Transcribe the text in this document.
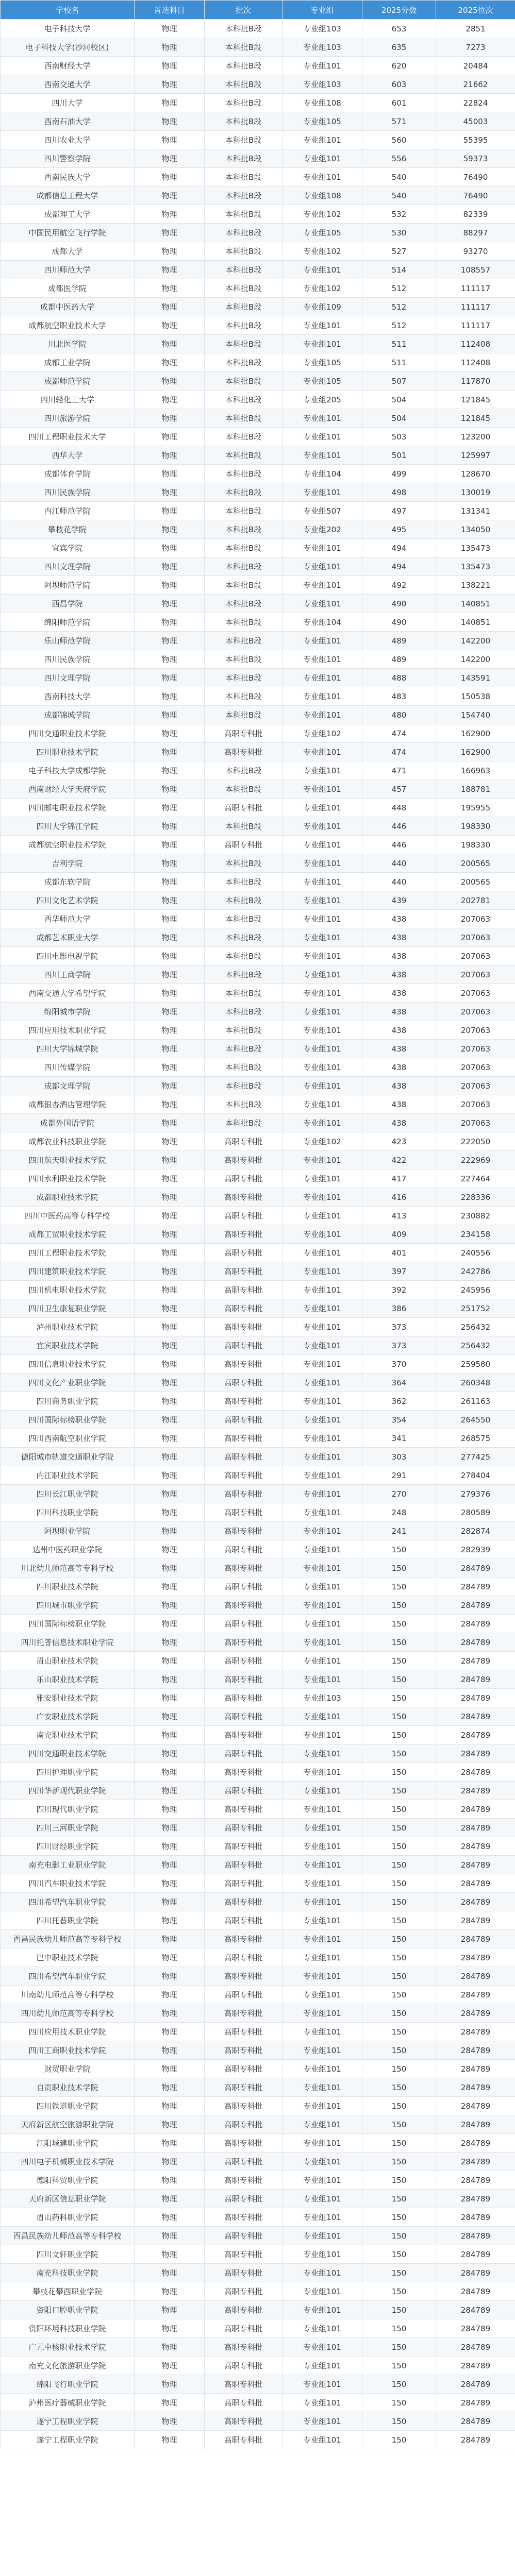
学校名	首选科目	批次	专业组	2025分数	2025位次
电子科技大学	物理	本科批B段	专业组103	653	2851
电子科技大学(沙河校区)	物理	本科批B段	专业组103	635	7273
西南财经大学	物理	本科批B段	专业组101	620	20484
西南交通大学	物理	本科批B段	专业组103	603	21662
四川大学	物理	本科批B段	专业组108	601	22824
西南石油大学	物理	本科批B段	专业组105	571	45003
四川农业大学	物理	本科批B段	专业组101	560	55395
四川警察学院	物理	本科批B段	专业组101	556	59373
西南民族大学	物理	本科批B段	专业组101	540	76490
成都信息工程大学	物理	本科批B段	专业组108	540	76490
成都理工大学	物理	本科批B段	专业组102	532	82339
中国民用航空飞行学院	物理	本科批B段	专业组105	530	88297
成都大学	物理	本科批B段	专业组102	527	93270
四川师范大学	物理	本科批B段	专业组101	514	108557
成都医学院	物理	本科批B段	专业组102	512	111117
成都中医药大学	物理	本科批B段	专业组109	512	111117
成都航空职业技术大学	物理	本科批B段	专业组101	512	111117
川北医学院	物理	本科批B段	专业组101	511	112408
成都工业学院	物理	本科批B段	专业组105	511	112408
成都师范学院	物理	本科批B段	专业组105	507	117870
四川轻化工大学	物理	本科批B段	专业组205	504	121845
四川旅游学院	物理	本科批B段	专业组101	504	121845
四川工程职业技术大学	物理	本科批B段	专业组101	503	123200
西华大学	物理	本科批B段	专业组101	501	125997
成都体育学院	物理	本科批B段	专业组104	499	128670
四川民族学院	物理	本科批B段	专业组101	498	130019
内江师范学院	物理	本科批B段	专业组507	497	131341
攀枝花学院	物理	本科批B段	专业组202	495	134050
宜宾学院	物理	本科批B段	专业组101	494	135473
四川文理学院	物理	本科批B段	专业组101	494	135473
阿坝师范学院	物理	本科批B段	专业组101	492	138221
西昌学院	物理	本科批B段	专业组101	490	140851
绵阳师范学院	物理	本科批B段	专业组104	490	140851
乐山师范学院	物理	本科批B段	专业组101	489	142200
四川民族学院	物理	本科批B段	专业组101	489	142200
四川文理学院	物理	本科批B段	专业组101	488	143591
西南科技大学	物理	本科批B段	专业组101	483	150538
成都锦城学院	物理	本科批B段	专业组101	480	154740
四川交通职业技术学院	物理	高职专科批	专业组102	474	162900
四川职业技术学院	物理	高职专科批	专业组101	474	162900
电子科技大学成都学院	物理	本科批B段	专业组101	471	166963
西南财经大学天府学院	物理	本科批B段	专业组101	457	188781
四川邮电职业技术学院	物理	高职专科批	专业组101	448	195955
四川大学锦江学院	物理	本科批B段	专业组101	446	198330
成都航空职业技术学院	物理	高职专科批	专业组101	446	198330
吉利学院	物理	本科批B段	专业组101	440	200565
成都东软学院	物理	本科批B段	专业组101	440	200565
四川文化艺术学院	物理	本科批B段	专业组101	439	202781
西华师范大学	物理	本科批B段	专业组101	438	207063
成都艺术职业大学	物理	本科批B段	专业组101	438	207063
四川电影电视学院	物理	本科批B段	专业组101	438	207063
四川工商学院	物理	本科批B段	专业组101	438	207063
西南交通大学希望学院	物理	本科批B段	专业组101	438	207063
绵阳城市学院	物理	本科批B段	专业组101	438	207063
四川应用技术职业学院	物理	本科批B段	专业组101	438	207063
四川大学锦城学院	物理	本科批B段	专业组101	438	207063
四川传媒学院	物理	本科批B段	专业组101	438	207063
成都文理学院	物理	本科批B段	专业组101	438	207063
成都银杏酒店管理学院	物理	本科批B段	专业组101	438	207063
成都外国语学院	物理	本科批B段	专业组101	438	207063
成都农业科技职业学院	物理	高职专科批	专业组102	423	222050
四川航天职业技术学院	物理	高职专科批	专业组101	422	222969
四川水利职业技术学院	物理	高职专科批	专业组101	417	227464
成都职业技术学院	物理	高职专科批	专业组101	416	228336
四川中医药高等专科学校	物理	高职专科批	专业组101	413	230882
成都工贸职业技术学院	物理	高职专科批	专业组101	409	234158
四川工程职业技术学院	物理	高职专科批	专业组101	401	240556
四川建筑职业技术学院	物理	高职专科批	专业组101	397	242786
四川机电职业技术学院	物理	高职专科批	专业组101	392	245956
四川卫生康复职业学院	物理	高职专科批	专业组101	386	251752
泸州职业技术学院	物理	高职专科批	专业组101	373	256432
宜宾职业技术学院	物理	高职专科批	专业组101	373	256432
四川信息职业技术学院	物理	高职专科批	专业组101	370	259580
四川文化产业职业学院	物理	高职专科批	专业组101	364	260348
四川商务职业学院	物理	高职专科批	专业组101	362	261163
四川国际标榜职业学院	物理	高职专科批	专业组101	354	264550
四川西南航空职业学院	物理	高职专科批	专业组101	341	268575
德阳城市轨道交通职业学院	物理	高职专科批	专业组101	303	277425
内江职业技术学院	物理	高职专科批	专业组101	291	278404
四川长江职业学院	物理	高职专科批	专业组101	270	279376
四川科技职业学院	物理	高职专科批	专业组101	248	280589
阿坝职业学院	物理	高职专科批	专业组101	241	282874
达州中医药职业学院	物理	高职专科批	专业组101	150	282939
川北幼儿师范高等专科学校	物理	高职专科批	专业组101	150	284789
四川职业技术学院	物理	高职专科批	专业组101	150	284789
四川城市职业学院	物理	高职专科批	专业组101	150	284789
四川国际标榜职业学院	物理	高职专科批	专业组101	150	284789
四川托普信息技术职业学院	物理	高职专科批	专业组101	150	284789
眉山职业技术学院	物理	高职专科批	专业组101	150	284789
乐山职业技术学院	物理	高职专科批	专业组101	150	284789
雅安职业技术学院	物理	高职专科批	专业组103	150	284789
广安职业技术学院	物理	高职专科批	专业组101	150	284789
南充职业技术学院	物理	高职专科批	专业组101	150	284789
四川交通职业技术学院	物理	高职专科批	专业组101	150	284789
四川护理职业学院	物理	高职专科批	专业组101	150	284789
四川华新现代职业学院	物理	高职专科批	专业组101	150	284789
四川现代职业学院	物理	高职专科批	专业组101	150	284789
四川三河职业学院	物理	高职专科批	专业组101	150	284789
四川财经职业学院	物理	高职专科批	专业组101	150	284789
南充电影工业职业学院	物理	高职专科批	专业组101	150	284789
四川汽车职业技术学院	物理	高职专科批	专业组101	150	284789
四川希望汽车职业学院	物理	高职专科批	专业组101	150	284789
四川托普职业学院	物理	高职专科批	专业组101	150	284789
西昌民族幼儿师范高等专科学校	物理	高职专科批	专业组101	150	284789
巴中职业技术学院	物理	高职专科批	专业组101	150	284789
四川希望汽车职业学院	物理	高职专科批	专业组101	150	284789
川南幼儿师范高等专科学校	物理	高职专科批	专业组101	150	284789
四川幼儿师范高等专科学校	物理	高职专科批	专业组101	150	284789
四川应用技术职业学院	物理	高职专科批	专业组101	150	284789
四川工商职业技术学院	物理	高职专科批	专业组101	150	284789
财贸职业学院	物理	高职专科批	专业组101	150	284789
自贡职业技术学院	物理	高职专科批	专业组101	150	284789
四川铁道职业学院	物理	高职专科批	专业组101	150	284789
天府新区航空旅游职业学院	物理	高职专科批	专业组101	150	284789
江阳城建职业学院	物理	高职专科批	专业组101	150	284789
四川电子机械职业技术学院	物理	高职专科批	专业组101	150	284789
德阳科贸职业学院	物理	高职专科批	专业组101	150	284789
天府新区信息职业学院	物理	高职专科批	专业组101	150	284789
眉山药科职业学院	物理	高职专科批	专业组101	150	284789
西昌民族幼儿师范高等专科学校	物理	高职专科批	专业组101	150	284789
四川文轩职业学院	物理	高职专科批	专业组101	150	284789
南充科技职业学院	物理	高职专科批	专业组101	150	284789
攀枝花攀西职业学院	物理	高职专科批	专业组101	150	284789
资阳口腔职业学院	物理	高职专科批	专业组101	150	284789
资阳环境科技职业学院	物理	高职专科批	专业组101	150	284789
广元中核职业技术学院	物理	高职专科批	专业组101	150	284789
南充文化旅游职业学院	物理	高职专科批	专业组101	150	284789
绵阳飞行职业学院	物理	高职专科批	专业组101	150	284789
泸州医疗器械职业学院	物理	高职专科批	专业组101	150	284789
遂宁工程职业学院	物理	高职专科批	专业组101	150	284789
遂宁工程职业学院	物理	高职专科批	专业组101	150	284789
